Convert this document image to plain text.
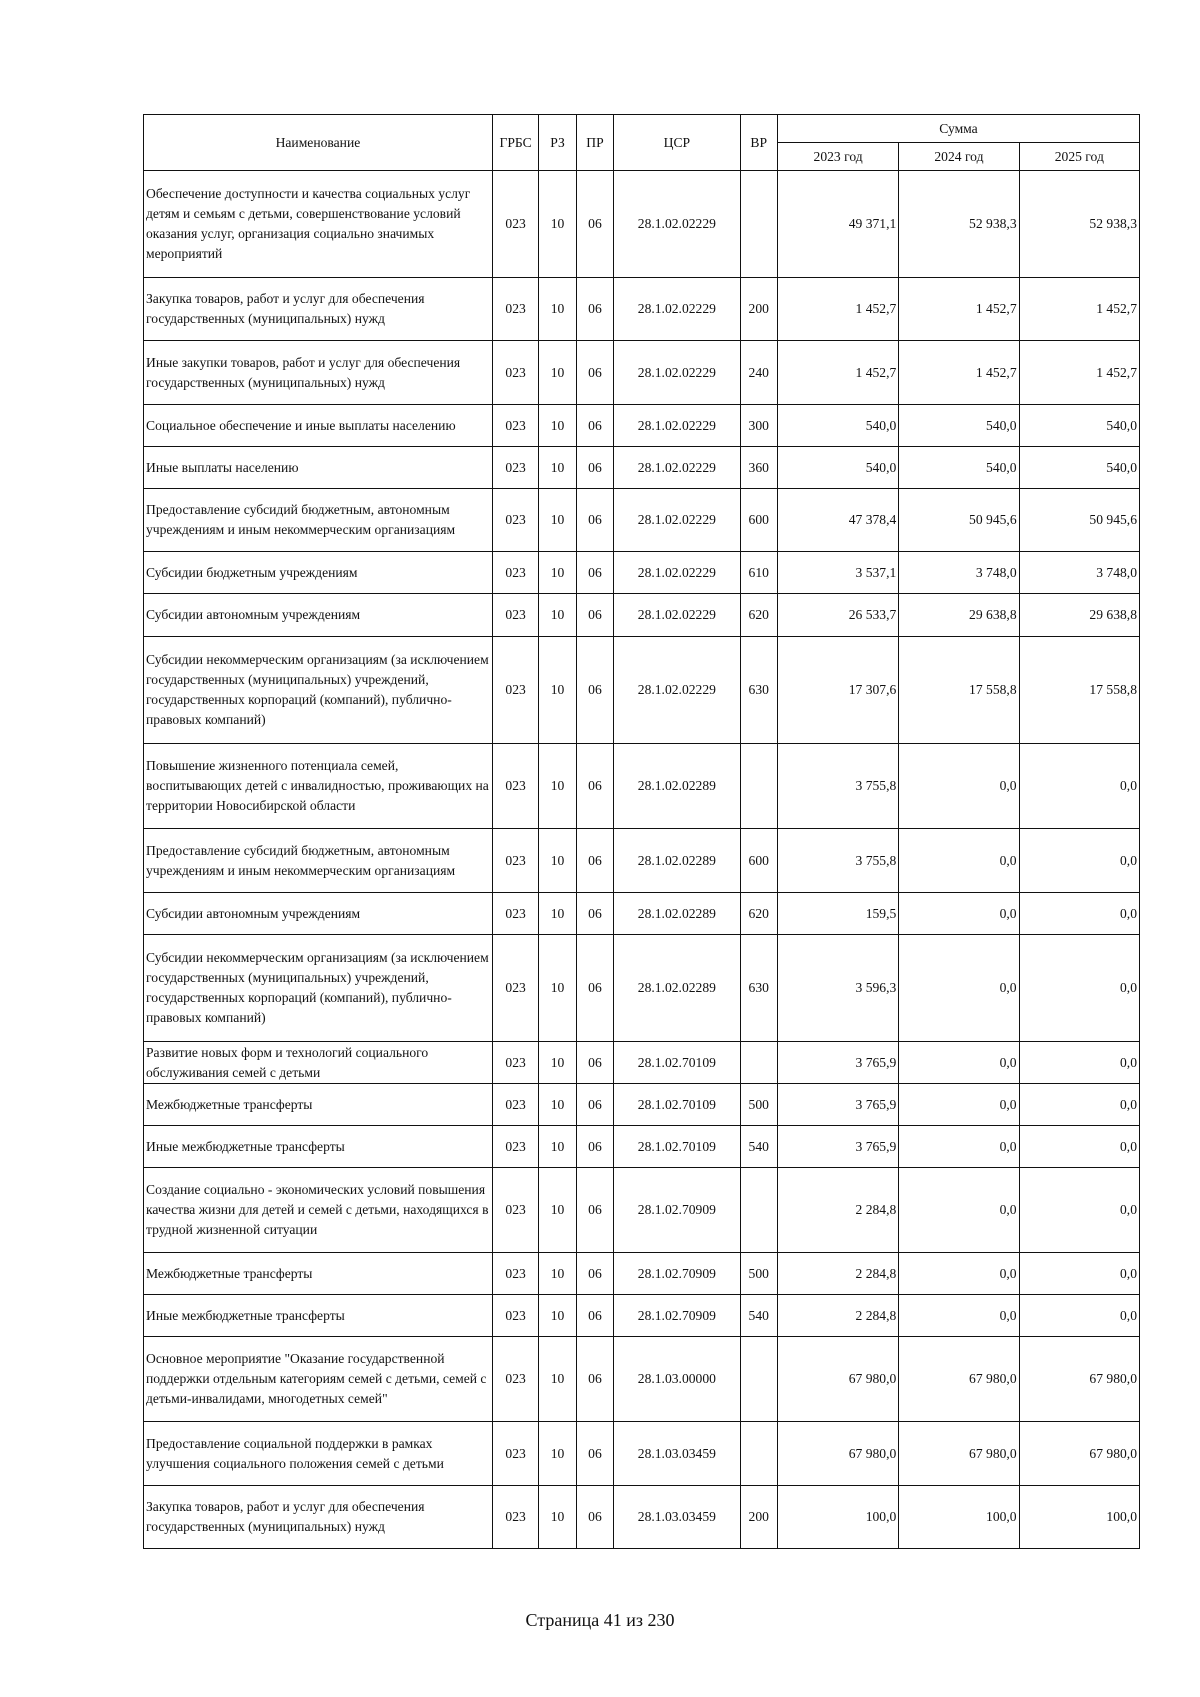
Наименование	ГРБС	РЗ	ПР	ЦСР	ВР	Сумма		
						2023 год	2024 год	2025 год
Обеспечение доступности и качества социальных услуг детям и семьям с детьми, совершенствование условий оказания услуг, организация социально значимых мероприятий	023	10	06	28.1.02.02229		49 371,1	52 938,3	52 938,3
Закупка товаров, работ и услуг для обеспечения государственных (муниципальных) нужд	023	10	06	28.1.02.02229	200	1 452,7	1 452,7	1 452,7
Иные закупки товаров, работ и услуг для обеспечения государственных (муниципальных) нужд	023	10	06	28.1.02.02229	240	1 452,7	1 452,7	1 452,7
Социальное обеспечение и иные выплаты населению	023	10	06	28.1.02.02229	300	540,0	540,0	540,0
Иные выплаты населению	023	10	06	28.1.02.02229	360	540,0	540,0	540,0
Предоставление субсидий бюджетным, автономным учреждениям и иным некоммерческим организациям	023	10	06	28.1.02.02229	600	47 378,4	50 945,6	50 945,6
Субсидии бюджетным учреждениям	023	10	06	28.1.02.02229	610	3 537,1	3 748,0	3 748,0
Субсидии автономным учреждениям	023	10	06	28.1.02.02229	620	26 533,7	29 638,8	29 638,8
Субсидии некоммерческим организациям (за исключением государственных (муниципальных) учреждений, государственных корпораций (компаний), публично-правовых компаний)	023	10	06	28.1.02.02229	630	17 307,6	17 558,8	17 558,8
Повышение жизненного потенциала семей, воспитывающих детей с инвалидностью, проживающих на территории Новосибирской области	023	10	06	28.1.02.02289		3 755,8	0,0	0,0
Предоставление субсидий бюджетным, автономным учреждениям и иным некоммерческим организациям	023	10	06	28.1.02.02289	600	3 755,8	0,0	0,0
Субсидии автономным учреждениям	023	10	06	28.1.02.02289	620	159,5	0,0	0,0
Субсидии некоммерческим организациям (за исключением государственных (муниципальных) учреждений, государственных корпораций (компаний), публично-правовых компаний)	023	10	06	28.1.02.02289	630	3 596,3	0,0	0,0
Развитие новых форм и технологий социального обслуживания семей с детьми	023	10	06	28.1.02.70109		3 765,9	0,0	0,0
Межбюджетные трансферты	023	10	06	28.1.02.70109	500	3 765,9	0,0	0,0
Иные межбюджетные трансферты	023	10	06	28.1.02.70109	540	3 765,9	0,0	0,0
Создание социально - экономических условий повышения качества жизни для детей и семей с детьми, находящихся в трудной жизненной ситуации	023	10	06	28.1.02.70909		2 284,8	0,0	0,0
Межбюджетные трансферты	023	10	06	28.1.02.70909	500	2 284,8	0,0	0,0
Иные межбюджетные трансферты	023	10	06	28.1.02.70909	540	2 284,8	0,0	0,0
Основное мероприятие "Оказание государственной поддержки отдельным категориям семей с детьми, семей с детьми-инвалидами, многодетных семей"	023	10	06	28.1.03.00000		67 980,0	67 980,0	67 980,0
Предоставление социальной поддержки в рамках улучшения социального положения семей с детьми	023	10	06	28.1.03.03459		67 980,0	67 980,0	67 980,0
Закупка товаров, работ и услуг для обеспечения государственных (муниципальных) нужд	023	10	06	28.1.03.03459	200	100,0	100,0	100,0
Страница 41 из 230
